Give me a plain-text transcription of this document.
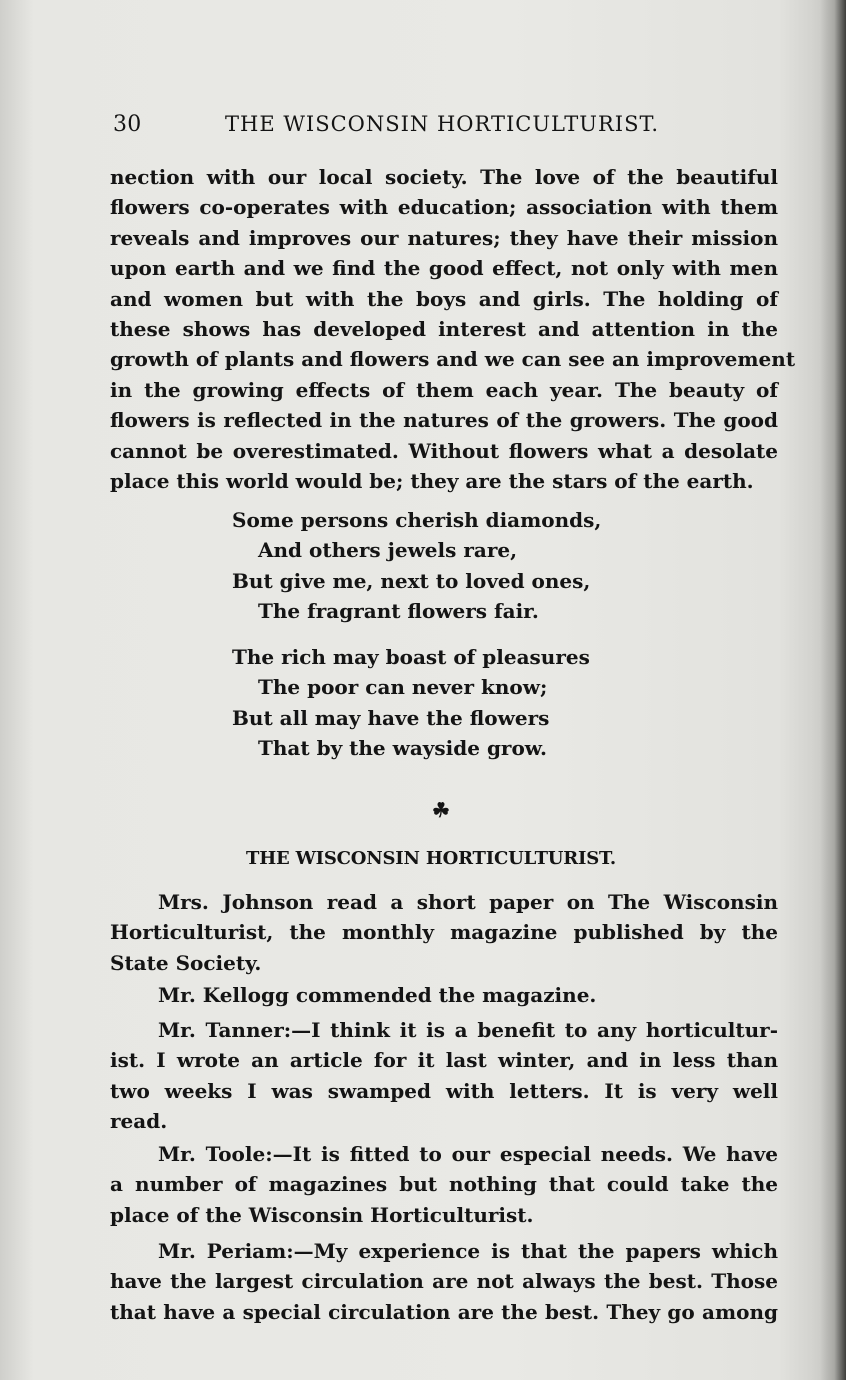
30	THE WISCONSIN HORTICULTURIST.
nection with our local society. The love of the beautiful
flowers co-operates with education; association with them
reveals and improves our natures; they have their mission
upon earth and we find the good effect, not only with men
and women but with the boys and girls. The holding of
these shows has developed interest and attention in the
growth of plants and flowers and we can see an improvement
in the growing effects of them each year. The beauty of
flowers is reflected in the natures of the growers. The good
cannot be overestimated. Without flowers what a desolate
place this world would be; they are the stars of the earth.
Some persons cherish diamonds,
And others jewels rare,
But give me, next to loved ones,
The fragrant flowers fair.
The rich may boast of pleasures
The poor can never know;
But all may have the flowers
That by the wayside grow.
☘
THE WISCONSIN HORTICULTURIST.
Mrs. Johnson read a short paper on The Wisconsin
Horticulturist, the monthly magazine published by the
State Society.
Mr. Kellogg commended the magazine.
Mr. Tanner:—I think it is a benefit to any horticultur-
ist. I wrote an article for it last winter, and in less than
two weeks I was swamped with letters. It is very well
read.
Mr. Toole:—It is fitted to our especial needs. We have
a number of magazines but nothing that could take the
place of the Wisconsin Horticulturist.
Mr. Periam:—My experience is that the papers which
have the largest circulation are not always the best. Those
that have a special circulation are the best. They go among
